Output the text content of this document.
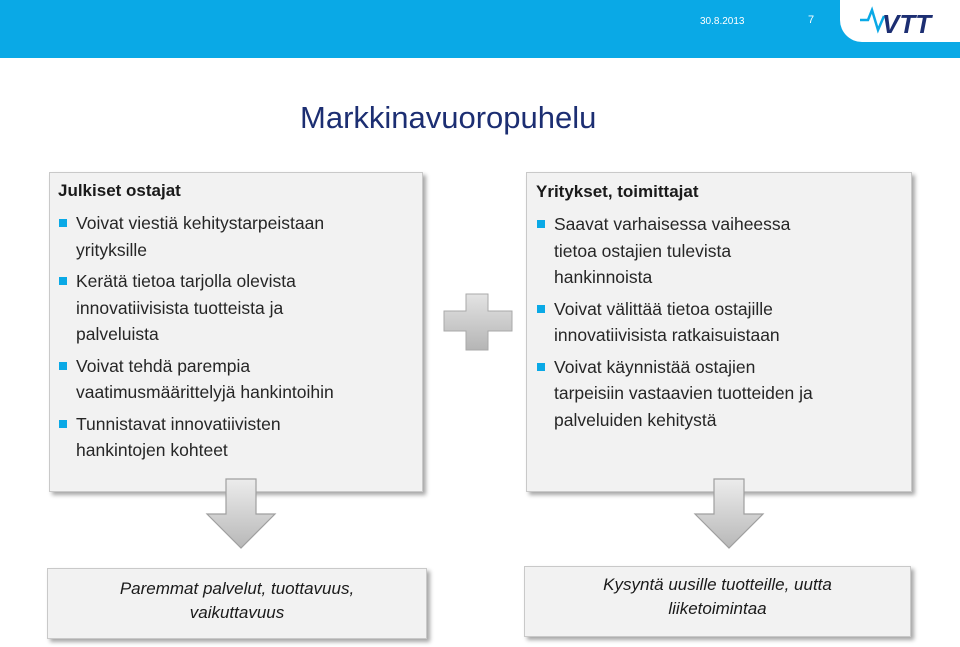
30.8.2013	7	VTT
Markkinavuoropuhelu
Julkiset ostajat
Voivat viestiä kehitystarpeistaan
yrityksille
Kerätä tietoa tarjolla olevista
innovatiivisista tuotteista ja
palveluista
Voivat tehdä parempia
vaatimusmäärittelyjä hankintoihin
Tunnistavat innovatiivisten
hankintojen kohteet
Yritykset, toimittajat
Saavat varhaisessa vaiheessa
tietoa ostajien tulevista
hankinnoista
Voivat välittää tietoa ostajille
innovatiivisista ratkaisuistaan
Voivat käynnistää ostajien
tarpeisiin vastaavien tuotteiden ja
palveluiden kehitystä
Paremmat palvelut, tuottavuus,
vaikuttavuus
Kysyntä uusille tuotteille, uutta
liiketoimintaa
